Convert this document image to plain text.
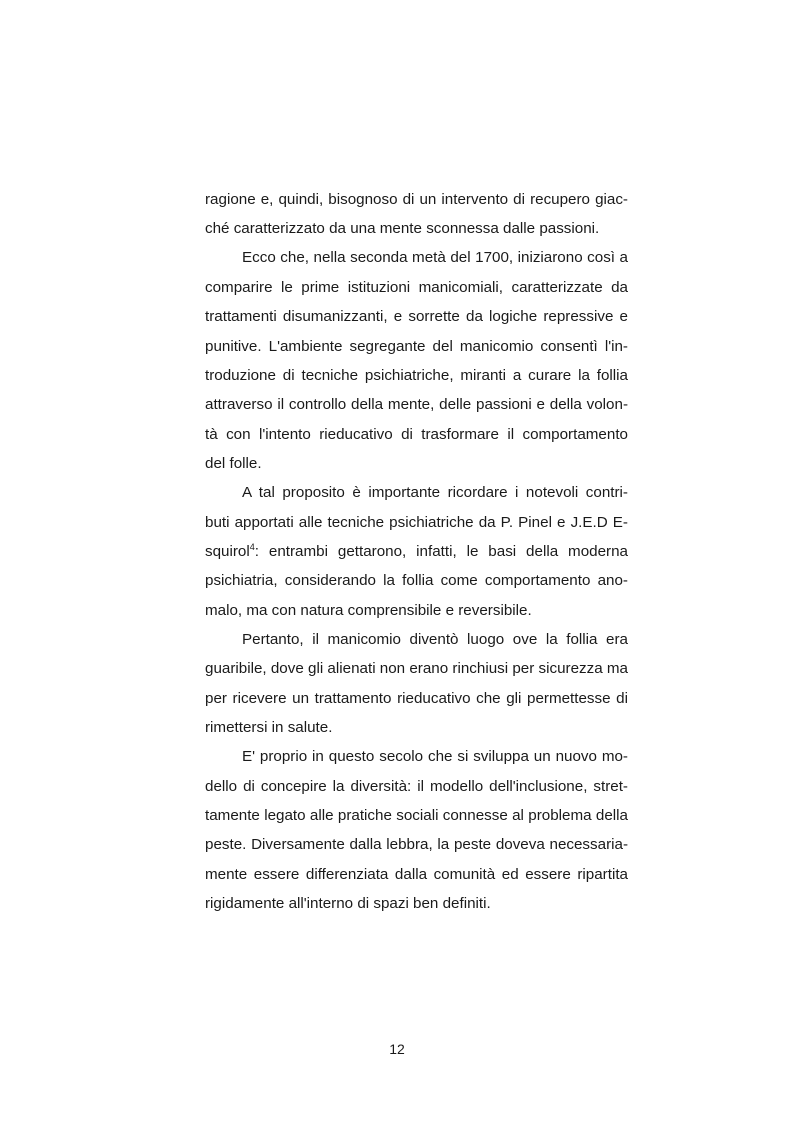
ragione e, quindi, bisognoso di un intervento di recupero giac-
ché caratterizzato da una mente sconnessa dalle passioni.
Ecco che, nella seconda metà del 1700, iniziarono così a
comparire le prime istituzioni manicomiali, caratterizzate da
trattamenti disumanizzanti, e sorrette da logiche repressive e
punitive. L'ambiente segregante del manicomio consentì l'in-
troduzione di tecniche psichiatriche, miranti a curare la follia
attraverso il controllo della mente, delle passioni e della volon-
tà con l'intento rieducativo di trasformare il comportamento
del folle.
A tal proposito è importante ricordare i notevoli contri-
buti apportati alle tecniche psichiatriche da P. Pinel e J.E.D E-
squirol$^4$: entrambi gettarono, infatti, le basi della moderna
psichiatria, considerando la follia come comportamento ano-
malo, ma con natura comprensibile e reversibile.
Pertanto, il manicomio diventò luogo ove la follia era
guaribile, dove gli alienati non erano rinchiusi per sicurezza ma
per ricevere un trattamento rieducativo che gli permettesse di
rimettersi in salute.
E' proprio in questo secolo che si sviluppa un nuovo mo-
dello di concepire la diversità: il modello dell'inclusione, stret-
tamente legato alle pratiche sociali connesse al problema della
peste. Diversamente dalla lebbra, la peste doveva necessaria-
mente essere differenziata dalla comunità ed essere ripartita
rigidamente all'interno di spazi ben definiti.
12
